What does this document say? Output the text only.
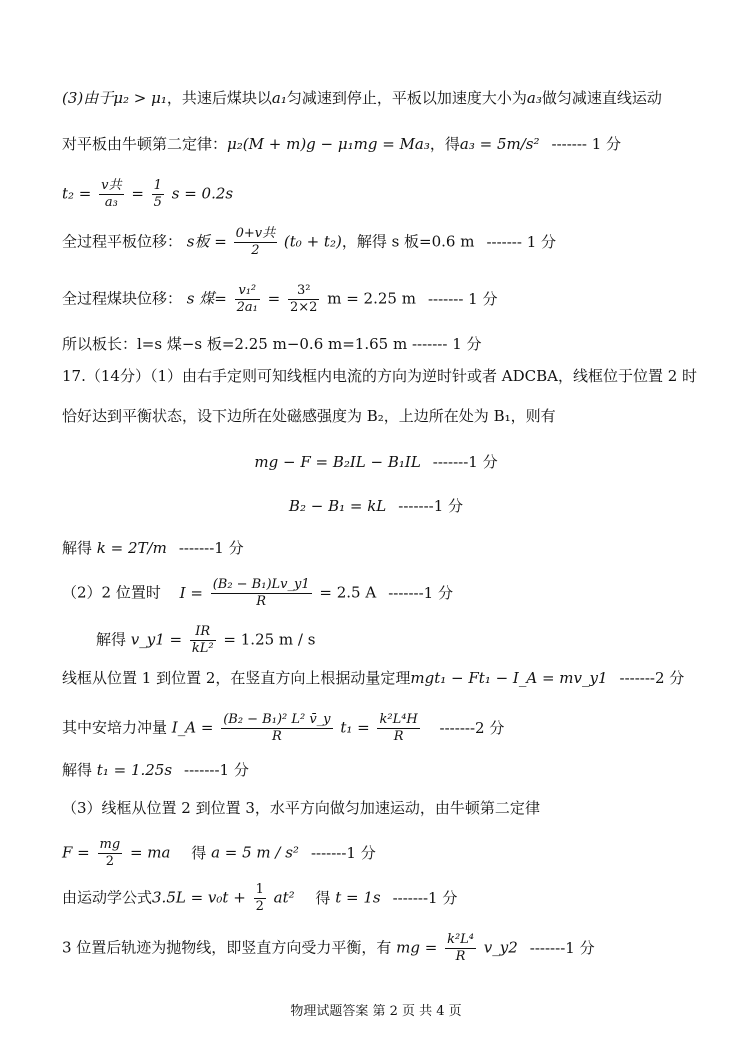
(3)由于μ₂ > μ₁，共速后煤块以a₁匀减速到停止，平板以加速度大小为a₃做匀减速直线运动
对平板由牛顿第二定律：μ₂(M + m)g − μ₁mg = Ma₃，得a₃ = 5m/s² ------- 1 分
$t_2 = \frac{\text{v共}}{\text{a₃}} = \frac{1}{5}$ s = 0.2s
全过程平板位移： s板 = $\frac{\text{0+v共}}{2} (t_0 + t_2)$，解得 s 板=0.6 m ------- 1 分
全过程煤块位移： s 煤= $\frac{\text{v₁²}}{\text{2a₁}} = \frac{\text{3²}}{2\times 2}$ m = 2.25 m ------- 1 分
所以板长：l=s 煤−s 板=2.25 m−0.6 m=1.65 m ------- 1 分
17.（14分）（1）由右手定则可知线框内电流的方向为逆时针或者 ADCBA，线框位于位置 2 时
恰好达到平衡状态，设下边所在处磁感强度为 B₂，上边所在处为 B₁，则有
mg − F = B₂IL − B₁IL -------1 分
B₂ − B₁ = kL -------1 分
解得 k = 2T/m -------1 分
（2）2 位置时 $I = \frac{\text{(B₂ − B₁)Lv\_y1}}{R} = 2.5$ A -------1 分
解得 v_y1 = $\frac{IR}{\text{kL²}} = 1.25$ m / s
线框从位置 1 到位置 2，在竖直方向上根据动量定理mgt₁ − Ft₁ − I_A = mv_y1 -------2 分
其中安培力冲量 I_A = $\frac{\text{(B₂ − B₁)² L² v̄\_y}}{R} t_1 = \frac{\text{k²L⁴H}}{R} -------2$ 分
解得 t₁ = 1.25s -------1 分
（3）线框从位置 2 到位置 3，水平方向做匀加速运动，由牛顿第二定律
$F = \frac{mg}{2}$ = ma 得 a = 5 m / s² -------1 分
由运动学公式$3.5L = v_0t + \frac{1}{2} at^2$ 得 t = 1s -------1 分
3 位置后轨迹为抛物线，即竖直方向受力平衡，有 mg = $\frac{\text{k²L⁴}}{R}$ v_y2 -------1 分
物理试题答案 第 2 页 共 4 页
